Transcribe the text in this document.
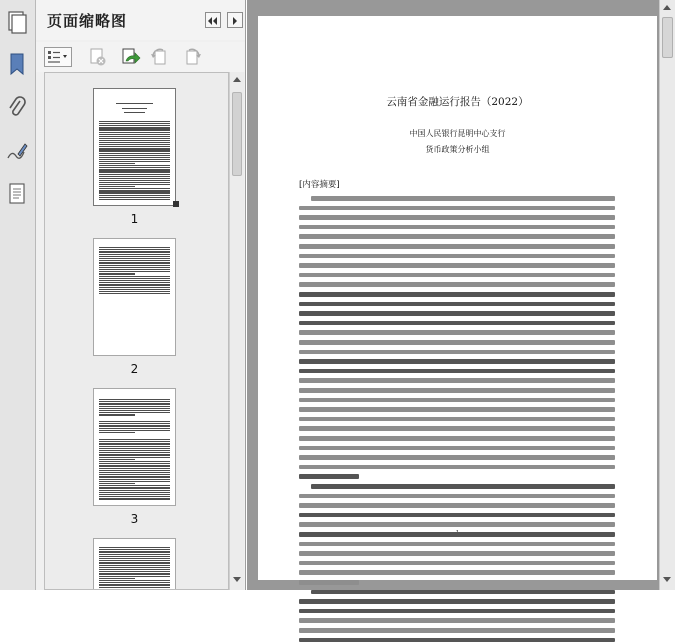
页面缩略图
1
2
3
云南省金融运行报告（2022）
中国人民银行昆明中心支行
货币政策分析小组
[内容摘要]
